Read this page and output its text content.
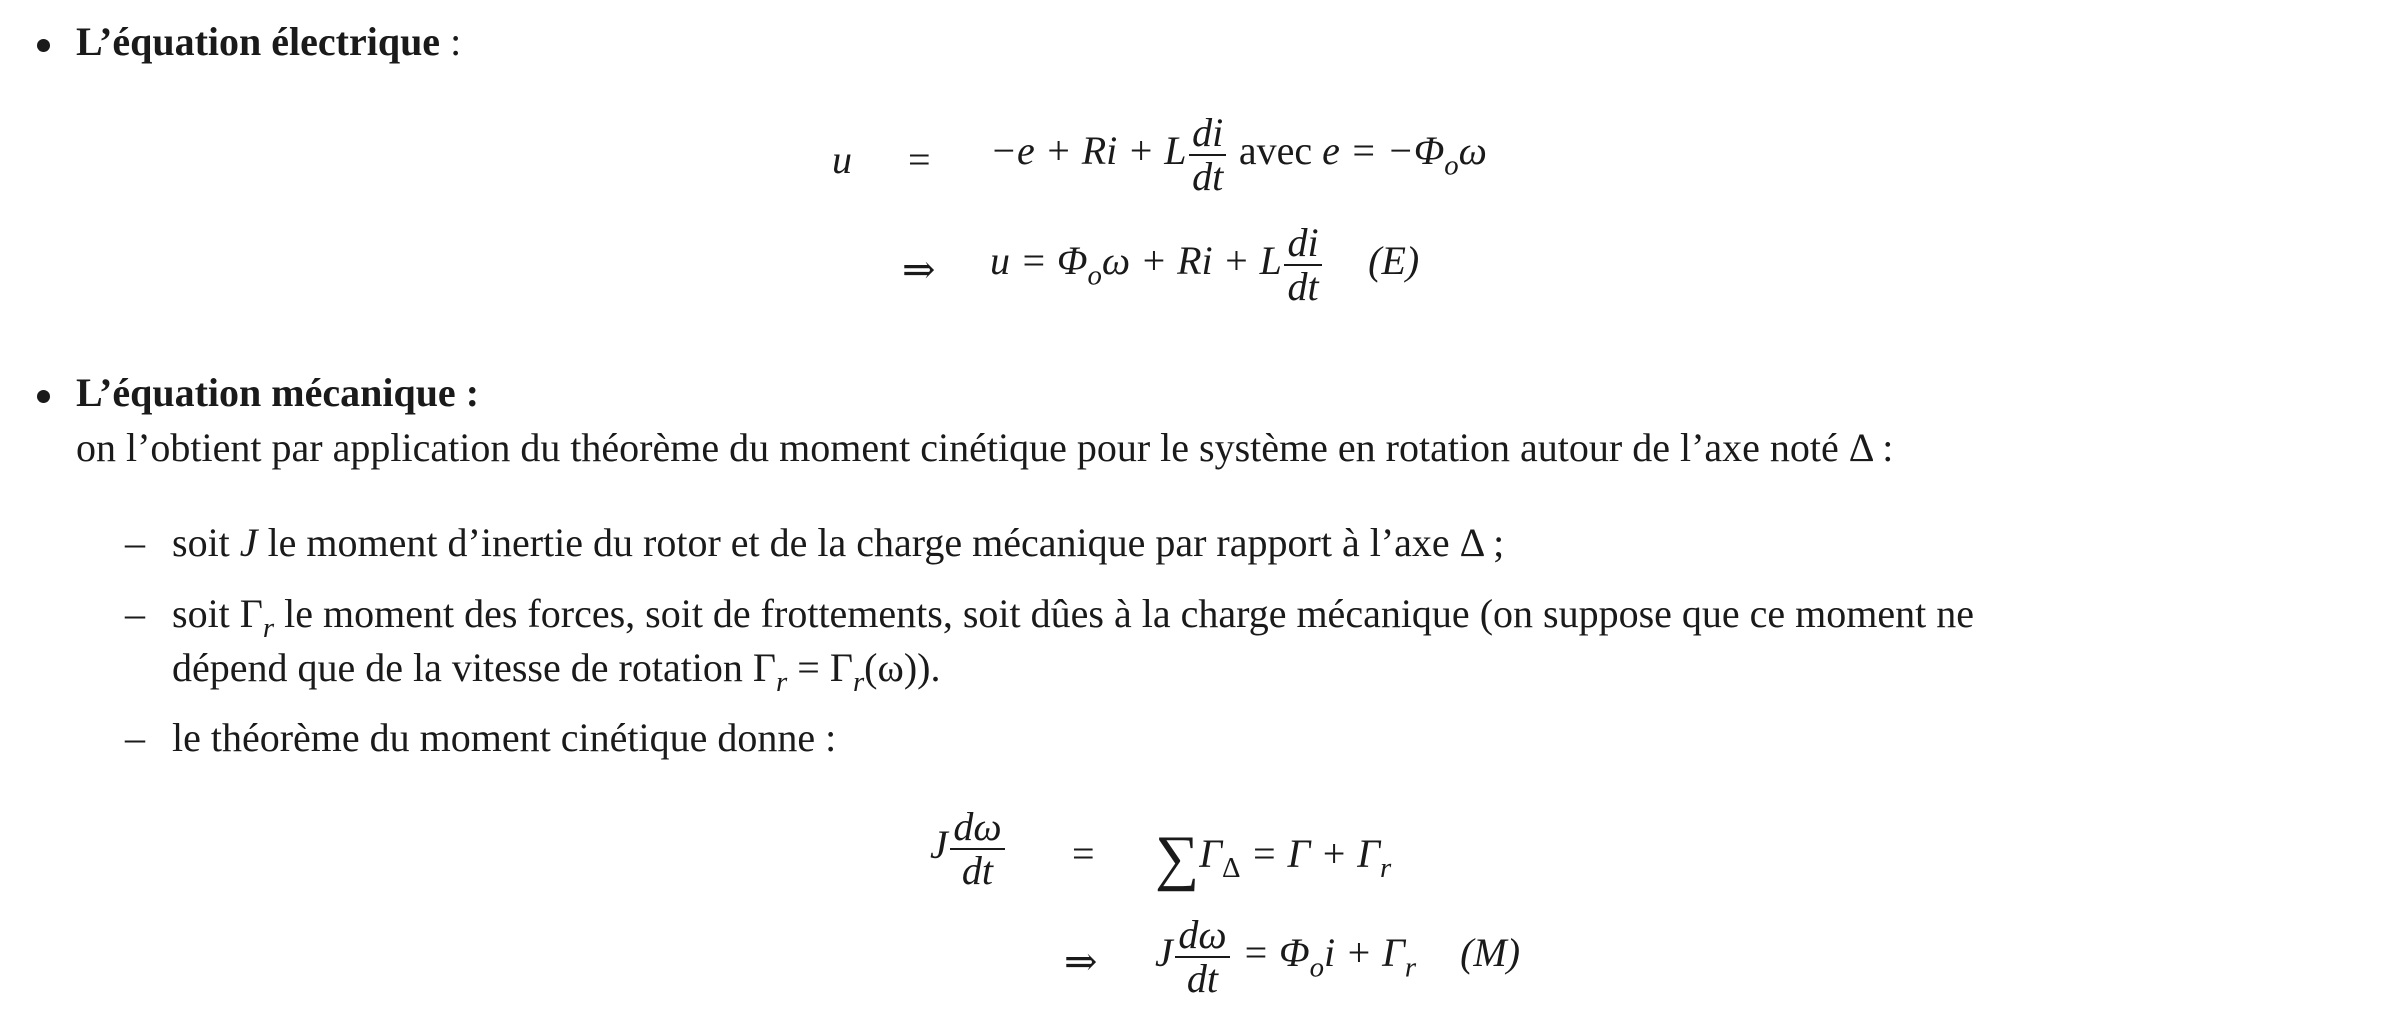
L’équation électrique :
u = −e + Ri + L $\frac{di}{dt}$ avec $e = -\Phi_o\omega$
⇒ $u = \Phi_o\omega + Ri + L \frac{di}{dt} (E)$
L’équation mécanique :
on l’obtient par application du théorème du moment cinétique pour le système en rotation autour de l’axe noté Δ :
– soit J le moment d’inertie du rotor et de la charge mécanique par rapport à l’axe Δ ;
– soit $\Gamma_r$ le moment des forces, soit de frottements, soit dûes à la charge mécanique (on suppose que ce moment ne
dépend que de la vitesse de rotation $\Gamma_r = \Gamma_r(\omega)$).
– le théorème du moment cinétique donne :
J $\frac{d\omega}{dt} = \sum\Gamma_\Delta = \Gamma + \Gamma_r$
⇒ J $\frac{d\omega}{dt} = \Phi_oi + \Gamma_r$ (M)
